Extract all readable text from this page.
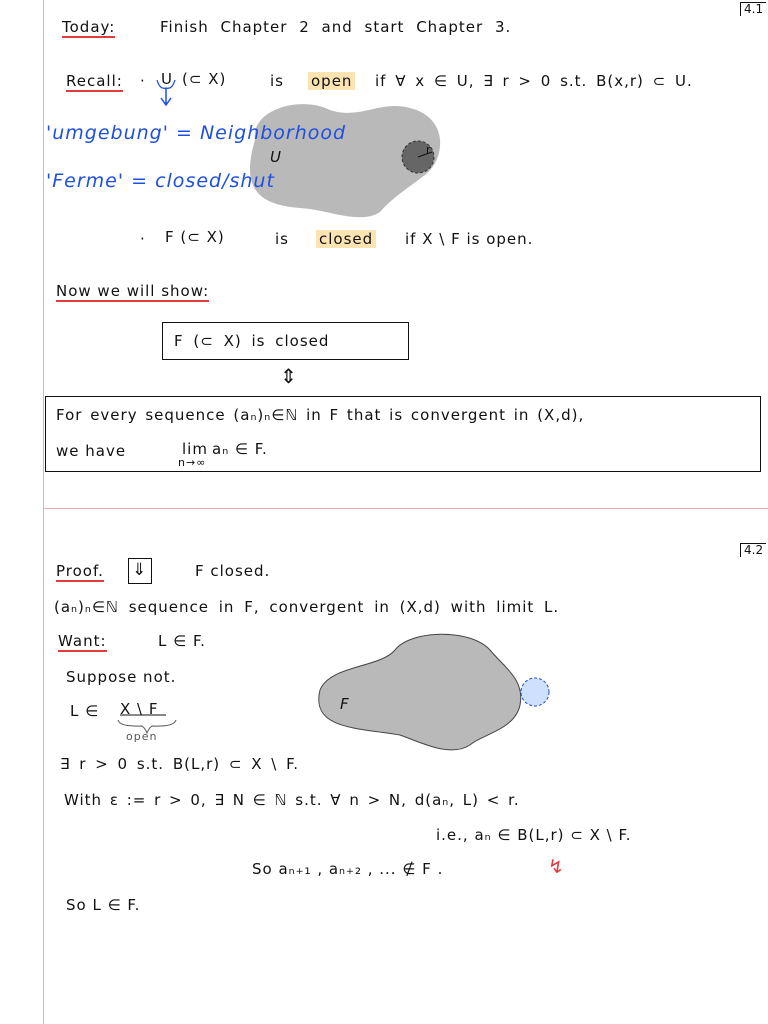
4.1
Today:	Finish Chapter 2 and start Chapter 3.
Recall: · U (⊂ X)	is open if ∀ x ∈ U, ∃ r > 0 s.t. B(x,r) ⊂ U.
'umgebung' = Neighborhood
'Ferme' = closed/shut
U	r
· F (⊂ X)	is closed if X \ F is open.
Now we will show:
F (⊂ X) is closed
⇕
For every sequence (aₙ)ₙ∈ℕ in F that is convergent in (X,d),
we have	lim
n→∞
aₙ ∈ F.
4.2
Proof. ⇓	F closed.
(aₙ)ₙ∈ℕ sequence in F, convergent in (X,d) with limit L.
Want:	L ∈ F.
Suppose not.
L ∈ X \ F
open
F
∃ r > 0 s.t. B(L,r) ⊂ X \ F.
With ε := r > 0, ∃ N ∈ ℕ s.t. ∀ n > N, d(aₙ, L) < r.
i.e., aₙ ∈ B(L,r) ⊂ X \ F.
So aₙ₊₁ , aₙ₊₂ , ... ∉ F .	↯
So L ∈ F.
